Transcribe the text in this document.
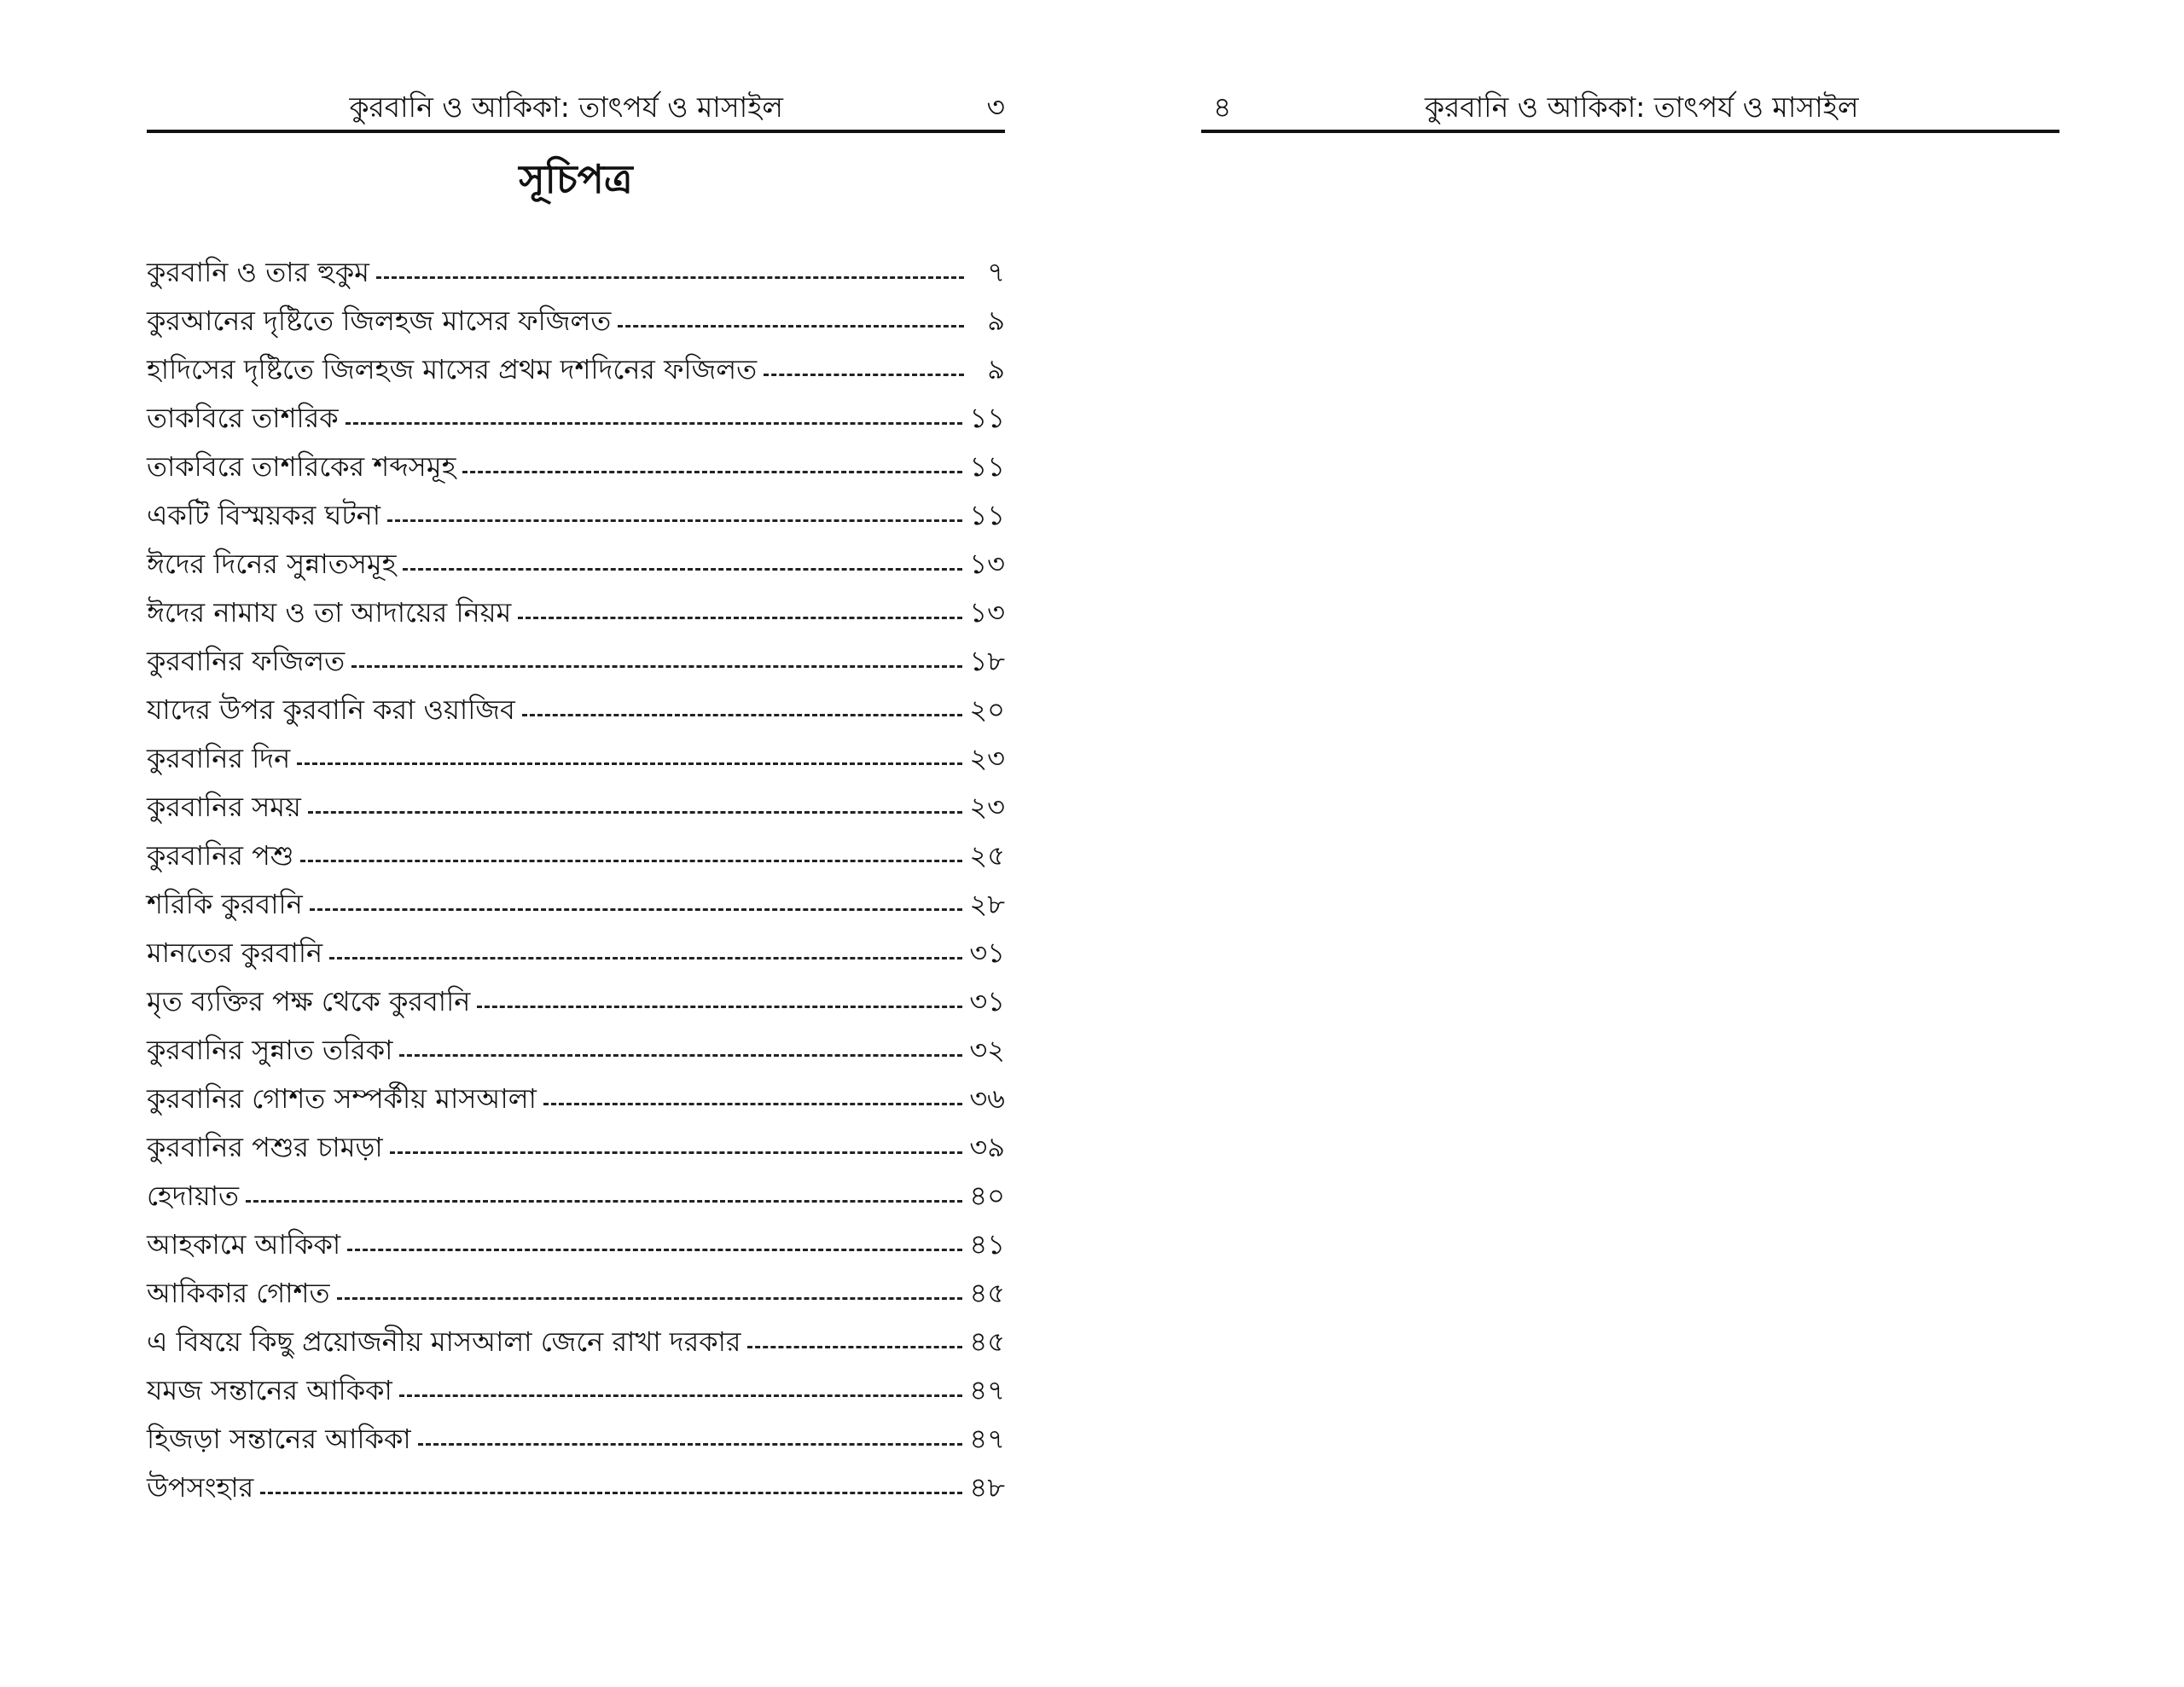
কুরবানি ও আকিকা: তাৎপর্য ও মাসাইল	৩
সূচিপত্র
কুরবানি ও তার হুকুম	৭
কুরআনের দৃষ্টিতে জিলহজ মাসের ফজিলত	৯
হাদিসের দৃষ্টিতে জিলহজ মাসের প্রথম দশদিনের ফজিলত	৯
তাকবিরে তাশরিক	১১
তাকবিরে তাশরিকের শব্দসমূহ	১১
একটি বিস্ময়কর ঘটনা	১১
ঈদের দিনের সুন্নাতসমূহ	১৩
ঈদের নামায ও তা আদায়ের নিয়ম	১৩
কুরবানির ফজিলত	১৮
যাদের উপর কুরবানি করা ওয়াজিব	২০
কুরবানির দিন	২৩
কুরবানির সময়	২৩
কুরবানির পশু	২৫
শরিকি কুরবানি	২৮
মানতের কুরবানি	৩১
মৃত ব্যক্তির পক্ষ থেকে কুরবানি	৩১
কুরবানির সুন্নাত তরিকা	৩২
কুরবানির গোশত সম্পর্কীয় মাসআলা	৩৬
কুরবানির পশুর চামড়া	৩৯
হেদায়াত	৪০
আহকামে আকিকা	৪১
আকিকার গোশত	৪৫
এ বিষয়ে কিছু প্রয়োজনীয় মাসআলা জেনে রাখা দরকার	৪৫
যমজ সন্তানের আকিকা	৪৭
হিজড়া সন্তানের আকিকা	৪৭
উপসংহার	৪৮
৪	কুরবানি ও আকিকা: তাৎপর্য ও মাসাইল
